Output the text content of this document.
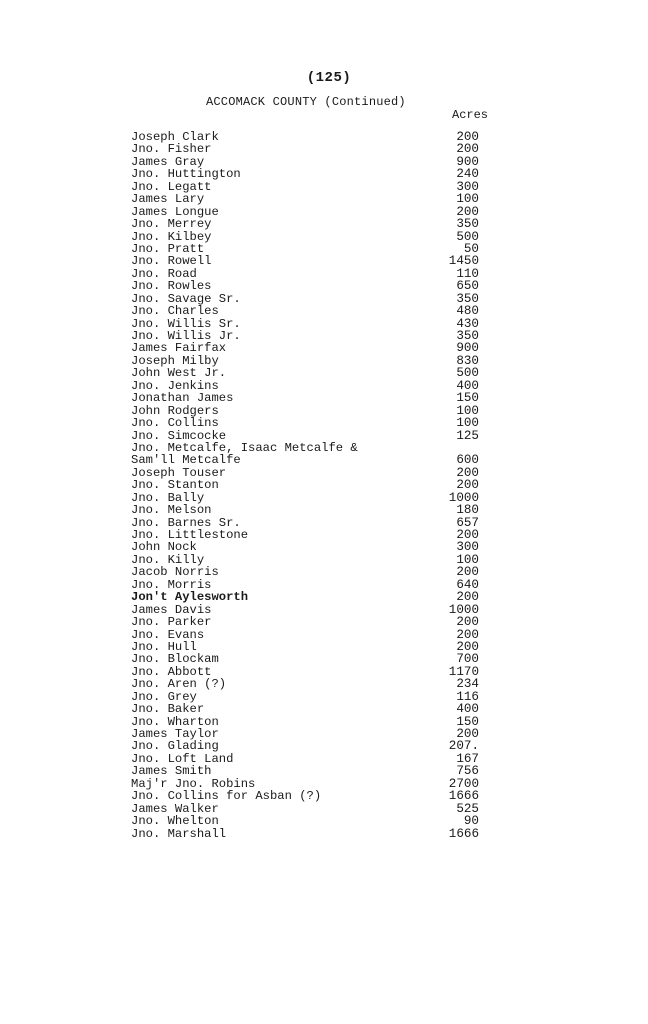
(125)
ACCOMACK COUNTY (Continued)
Acres
Joseph Clark	200
Jno. Fisher	200
James Gray	900
Jno. Huttington	240
Jno. Legatt	300
James Lary	100
James Longue	200
Jno. Merrey	350
Jno. Kilbey	500
Jno. Pratt	50
Jno. Rowell	1450
Jno. Road	110
Jno. Rowles	650
Jno. Savage Sr.	350
Jno. Charles	480
Jno. Willis Sr.	430
Jno. Willis Jr.	350
James Fairfax	900
Joseph Milby	830
John West Jr.	500
Jno. Jenkins	400
Jonathan James	150
John Rodgers	100
Jno. Collins	100
Jno. Simcocke	125
Jno. Metcalfe, Isaac Metcalfe &
Sam'll Metcalfe	600
Joseph Touser	200
Jno. Stanton	200
Jno. Bally	1000
Jno. Melson	180
Jno. Barnes Sr.	657
Jno. Littlestone	200
John Nock	300
Jno. Killy	100
Jacob Norris	200
Jno. Morris	640
Jon't Aylesworth	200
James Davis	1000
Jno. Parker	200
Jno. Evans	200
Jno. Hull	200
Jno. Blockam	700
Jno. Abbott	1170
Jno. Aren (?)	234
Jno. Grey	116
Jno. Baker	400
Jno. Wharton	150
James Taylor	200
Jno. Glading	207.
Jno. Loft Land	167
James Smith	756
Maj'r Jno. Robins	2700
Jno. Collins for Asban (?)	1666
James Walker	525
Jno. Whelton	90
Jno. Marshall	1666
